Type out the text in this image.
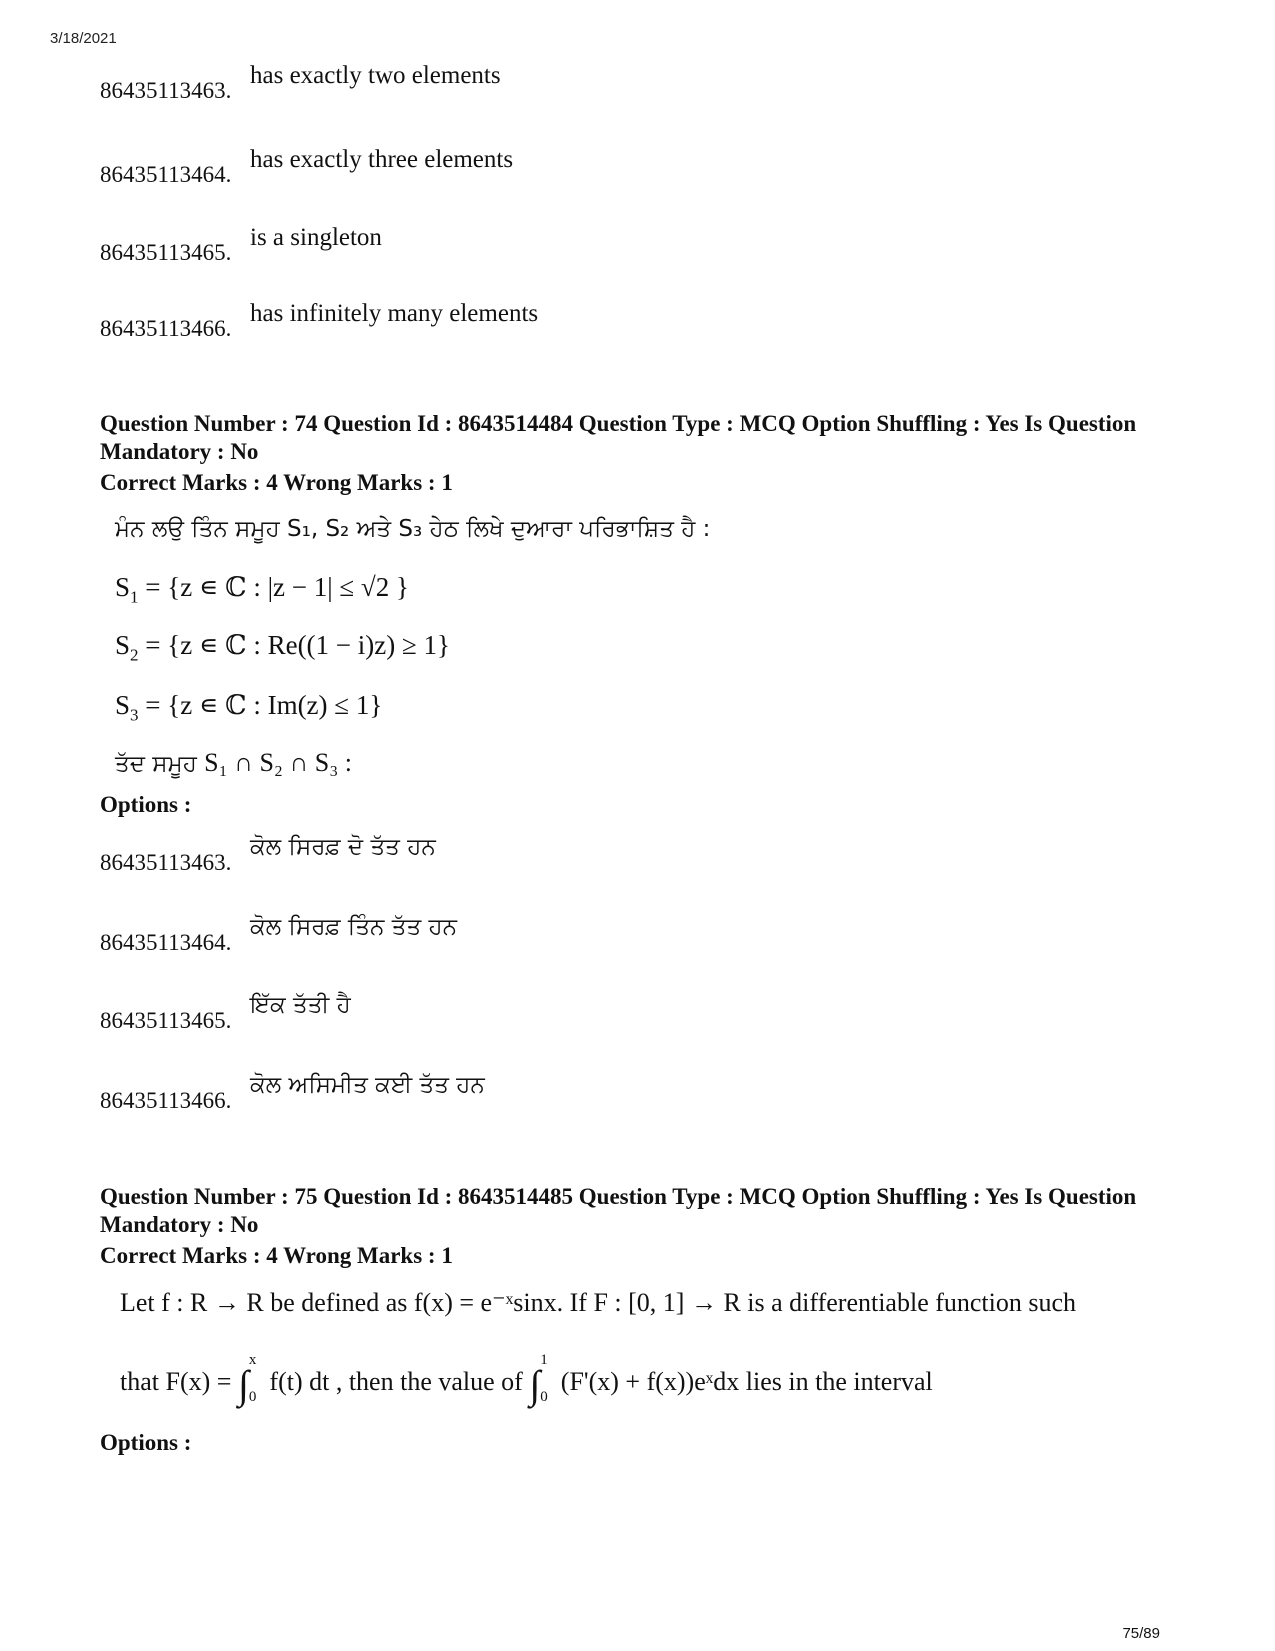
3/18/2021
86435113463.
has exactly two elements
86435113464.
has exactly three elements
86435113465.
is a singleton
86435113466.
has infinitely many elements
Question Number : 74 Question Id : 8643514484 Question Type : MCQ Option Shuffling : Yes Is Question Mandatory : No
Correct Marks : 4 Wrong Marks : 1
ਮੰਨ ਲਉ ਤਿੰਨ ਸਮੂਹ S₁, S₂ ਅਤੇ S₃ ਹੇਠ ਲਿਖੇ ਦੁਆਰਾ ਪਰਿਭਾਸ਼ਿਤ ਹੈ :
$S_1 = \{z$ ∊ ℂ : |z − 1| ≤ √2 }
$S_2 = \{z$ ∊ ℂ : Re((1 − i)z) ≥ 1}
$S_3 = \{z$ ∊ ℂ : Im(z) ≤ 1}
ਤੱਦ ਸਮੂਹ S₁ ∩ S₂ ∩ S₃ :
Options :
86435113463.
ਕੋਲ ਸਿਰਫ਼ ਦੋ ਤੱਤ ਹਨ
86435113464.
ਕੋਲ ਸਿਰਫ਼ ਤਿੰਨ ਤੱਤ ਹਨ
86435113465.
ਇੱਕ ਤੱਤੀ ਹੈ
86435113466.
ਕੋਲ ਅਸਿਮੀਤ ਕਈ ਤੱਤ ਹਨ
Question Number : 75 Question Id : 8643514485 Question Type : MCQ Option Shuffling : Yes Is Question Mandatory : No
Correct Marks : 4 Wrong Marks : 1
Let f : R → R be defined as f(x) = e⁻ˣsinx. If F : [0, 1] → R is a differentiable function such
that F(x) = ∫
x
0
f(t) dt , then the value of ∫
1
0
(F'(x) + f(x))eˣdx lies in the interval
Options :
75/89
